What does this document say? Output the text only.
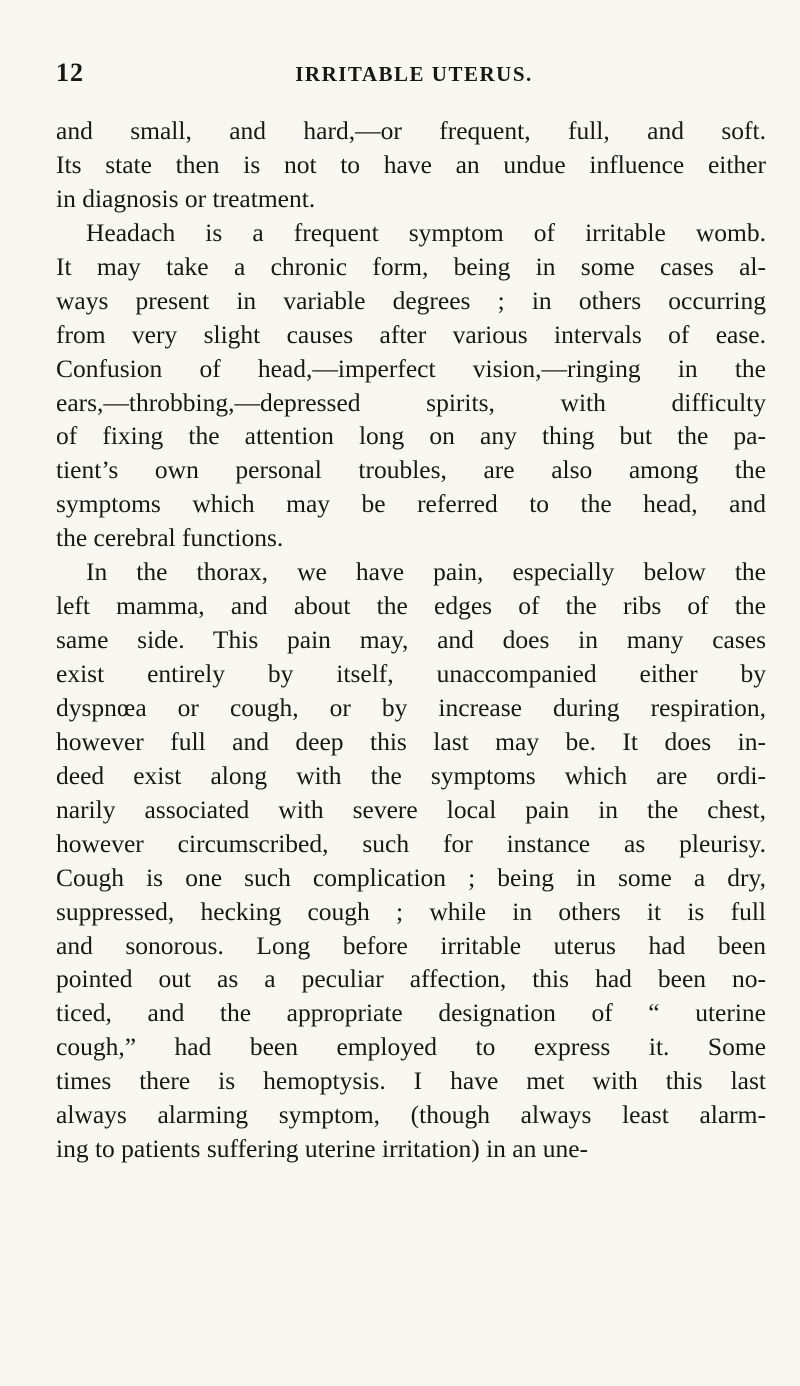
12	IRRITABLE UTERUS.
and small, and hard,—or frequent, full, and soft.
Its state then is not to have an undue influence either
in diagnosis or treatment.
Headach is a frequent symptom of irritable womb.
It may take a chronic form, being in some cases al-
ways present in variable degrees ; in others occurring
from very slight causes after various intervals of ease.
Confusion of head,—imperfect vision,—ringing in the
ears,—throbbing,—depressed spirits, with difficulty
of fixing the attention long on any thing but the pa-
tient’s own personal troubles, are also among the
symptoms which may be referred to the head, and
the cerebral functions.
In the thorax, we have pain, especially below the
left mamma, and about the edges of the ribs of the
same side. This pain may, and does in many cases
exist entirely by itself, unaccompanied either by
dyspnœa or cough, or by increase during respiration,
however full and deep this last may be. It does in-
deed exist along with the symptoms which are ordi-
narily associated with severe local pain in the chest,
however circumscribed, such for instance as pleurisy.
Cough is one such complication ; being in some a dry,
suppressed, hecking cough ; while in others it is full
and sonorous. Long before irritable uterus had been
pointed out as a peculiar affection, this had been no-
ticed, and the appropriate designation of “ uterine
cough,” had been employed to express it. Some
times there is hemoptysis. I have met with this last
always alarming symptom, (though always least alarm-
ing to patients suffering uterine irritation) in an une-
